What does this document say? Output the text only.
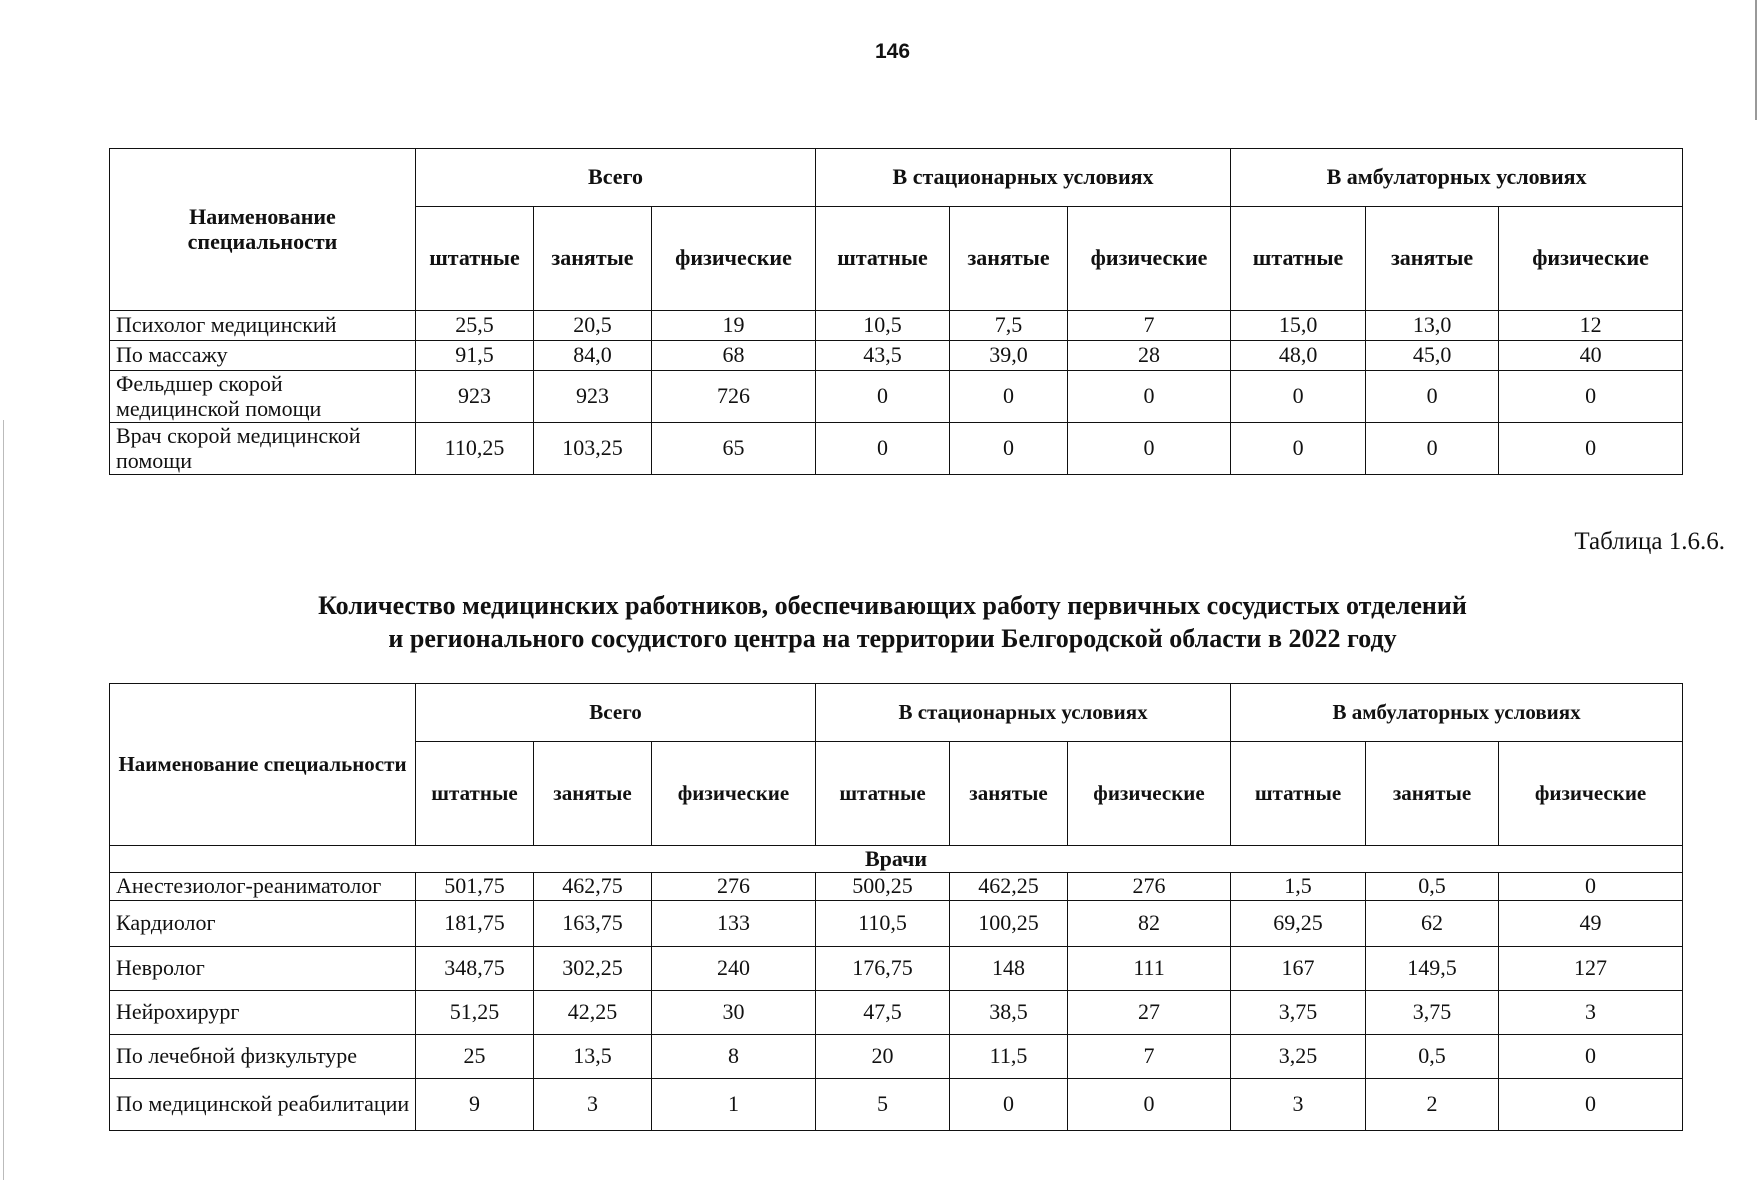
146
Наименование специальности	Всего			В стационарных условиях			В амбулаторных условиях		
	штатные	занятые	физические	штатные	занятые	физические	штатные	занятые	физические
Психолог медицинский	25,5	20,5	19	10,5	7,5	7	15,0	13,0	12
По массажу	91,5	84,0	68	43,5	39,0	28	48,0	45,0	40
Фельдшер скорой медицинской помощи	923	923	726	0	0	0	0	0	0
Врач скорой медицинской помощи	110,25	103,25	65	0	0	0	0	0	0
Таблица 1.6.6.
Количество медицинских работников, обеспечивающих работу первичных сосудистых отделений
и регионального сосудистого центра на территории Белгородской области в 2022 году
Наименование специальности	Всего			В стационарных условиях			В амбулаторных условиях		
	штатные	занятые	физические	штатные	занятые	физические	штатные	занятые	физические
Врачи									
Анестезиолог-реаниматолог	501,75	462,75	276	500,25	462,25	276	1,5	0,5	0
Кардиолог	181,75	163,75	133	110,5	100,25	82	69,25	62	49
Невролог	348,75	302,25	240	176,75	148	111	167	149,5	127
Нейрохирург	51,25	42,25	30	47,5	38,5	27	3,75	3,75	3
По лечебной физкультуре	25	13,5	8	20	11,5	7	3,25	0,5	0
По медицинской реабилитации	9	3	1	5	0	0	3	2	0
